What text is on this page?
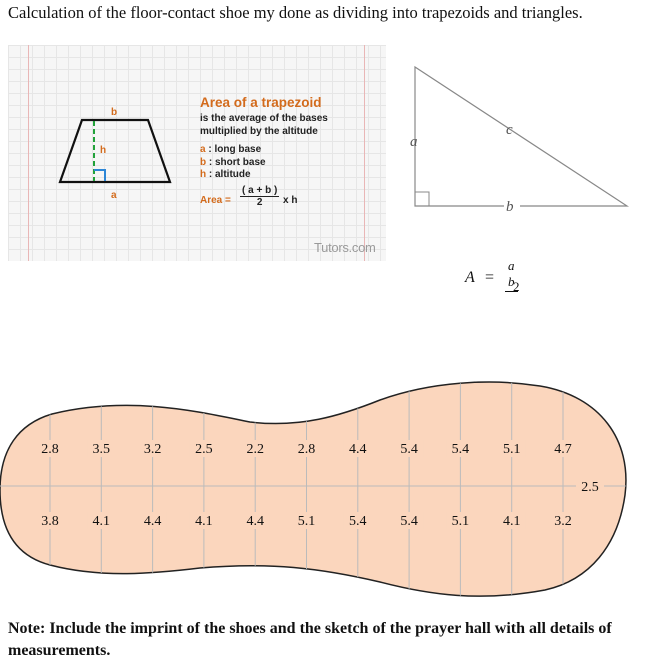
Calculation of the floor-contact shoe my done as dividing into trapezoids and triangles.
b
h
a
Area of a trapezoid
is the average of the bases
multiplied by the altitude
a : long base
b : short base
h : altitude
Area = $\frac{( a + b )}{2}$ x h
Tutors.com
a
c
b
A =
a b
2
2.8 3.5 3.2 2.5 2.2 2.8 4.4 5.4 5.4 5.1 4.7
3.8 4.1 4.4 4.1 4.4 5.1 5.4 5.4 5.1 4.1 3.2
2.5
Note: Include the imprint of the shoes and the sketch of the prayer hall with all details of measurements.
